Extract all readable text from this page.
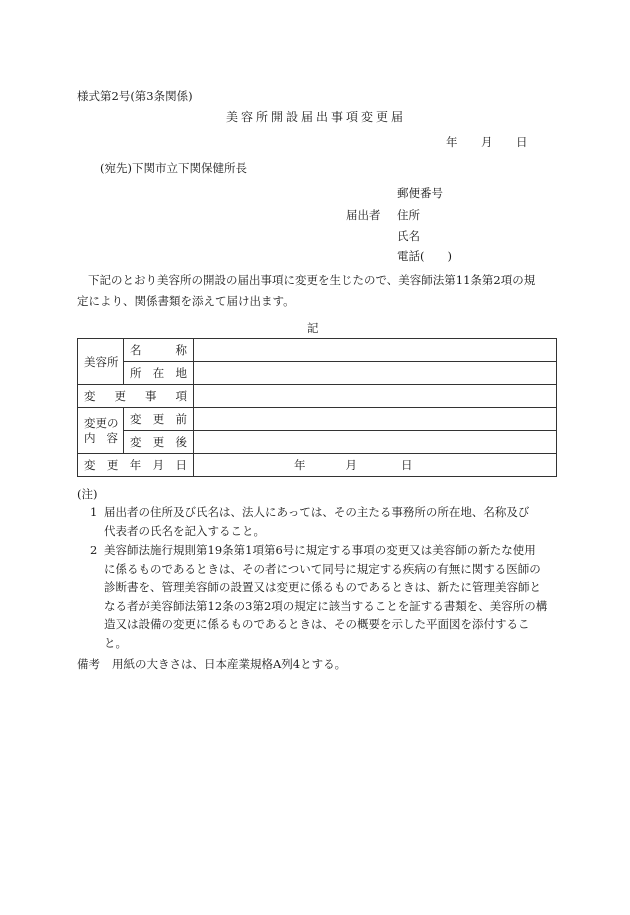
様式第2号(第3条関係)
美容所開設届出事項変更届
年 月 日
(宛先)下関市立下関保健所長
郵便番号
届出者 住所
氏名
電話(　　)
下記のとおり美容所の開設の届出事項に変更を生じたので、美容師法第11条第2項の規
定により、関係書類を添えて届け出ます。
記
美容所	名称	
	所在地	
変更事項		

変更の
内容	変更前	
	変更後	
変更年月日		年 月 日
(注)
1 届出者の住所及び氏名は、法人にあっては、その主たる事務所の所在地、名称及び
代表者の氏名を記入すること。
2 美容師法施行規則第19条第1項第6号に規定する事項の変更又は美容師の新たな使用
に係るものであるときは、その者について同号に規定する疾病の有無に関する医師の
診断書を、管理美容師の設置又は変更に係るものであるときは、新たに管理美容師と
なる者が美容師法第12条の3第2項の規定に該当することを証する書類を、美容所の構
造又は設備の変更に係るものであるときは、その概要を示した平面図を添付するこ
と。
備考 用紙の大きさは、日本産業規格A列4とする。
